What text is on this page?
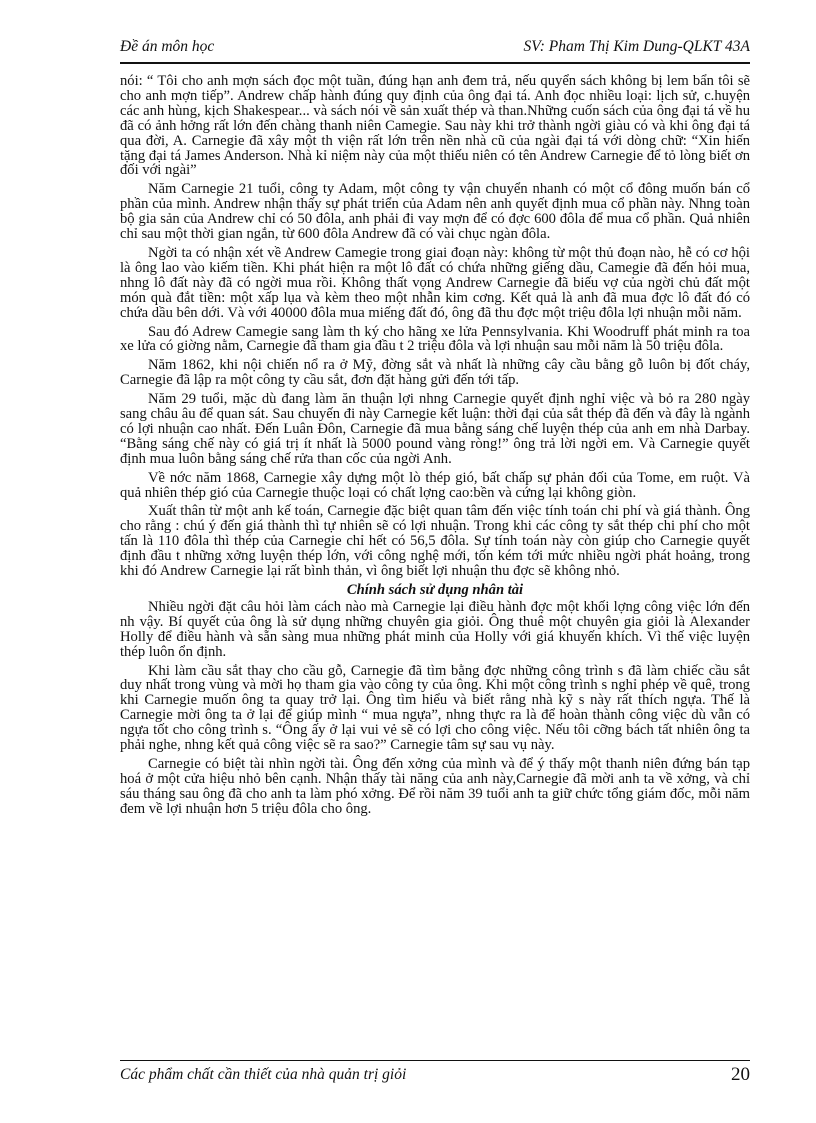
Đề án môn học	SV: Pham Thị Kim Dung-QLKT 43A

nói: “ Tôi cho anh mợn sách đọc một tuần, đúng hạn anh đem trả, nếu quyển sách không bị lem bẩn tôi sẽ cho anh mợn tiếp”. Andrew chấp hành đúng quy định của ông đại tá. Anh đọc nhiều loại: lịch sử, c.huyện các anh hùng, kịch Shakespear... và sách nói về sản xuất thép và than.Những cuốn sách của ông đại tá về hu đã có ảnh hởng rất lớn đến chàng thanh niên Camegie. Sau này khi trở thành ngời giàu có và khi ông đại tá qua đời, A. Carnegie đã xây một th viện rất lớn trên nền nhà cũ của ngài đại tá với dòng chữ: “Xin hiến tặng đại tá James Anderson. Nhà kỉ niệm này của một thiếu niên có tên Andrew Carnegie để tỏ lòng biết ơn đối với ngài”

Năm Carnegie 21 tuổi, công ty Adam, một công ty vận chuyển nhanh có một cổ đông muốn bán cổ phần của mình. Andrew nhận thấy sự phát triển của Adam nên anh quyết định mua cổ phần này. Nhng toàn bộ gia sản của Andrew chỉ có 50 đôla, anh phải đi vay mợn để có đợc 600 đôla để mua cổ phần. Quả nhiên chỉ sau một thời gian ngắn, từ 600 đôla Andrew đã có vài chục ngàn đôla.

Ngời ta có nhận xét về Andrew Camegie trong giai đoạn này: không từ một thủ đoạn nào, hễ có cơ hội là ông lao vào kiếm tiền. Khi phát hiện ra một lô đất có chứa những giếng dầu, Camegie đã đến hỏi mua, nhng lô đất này đã có ngời mua rồi. Không thất vọng Andrew Carnegie đã biếu vợ của ngời chủ đất một món quà đắt tiền: một xấp lụa và kèm theo một nhẫn kim cơng. Kết quả là anh đã mua đợc lô đất đó có chứa dầu bên dới. Và với 40000 đôla mua miếng đất đó, ông đã thu đợc một triệu đôla lợi nhuận mỗi năm.

Sau đó Adrew Camegie sang làm th ký cho hãng xe lửa Pennsylvania. Khi Woodruff phát minh ra toa xe lửa có giờng nằm, Carnegie đã tham gia đầu t 2 triệu đôla và lợi nhuận sau mỗi năm là 50 triệu đôla.

Năm 1862, khi nội chiến nổ ra ở Mỹ, đờng sắt và nhất là những cây cầu bằng gỗ luôn bị đốt cháy, Carnegie đã lập ra một công ty cầu sắt, đơn đặt hàng gửi đến tới tấp.

Năm 29 tuổi, mặc dù đang làm ăn thuận lợi nhng Carnegie quyết định nghỉ việc và bỏ ra 280 ngày sang châu âu để quan sát. Sau chuyến đi này Carnegie kết luận: thời đại của sắt thép đã đến và đây là ngành có lợi nhuận cao nhất. Đến Luân Đôn, Carnegie đã mua bằng sáng chế luyện thép của anh em nhà Darbay. “Bằng sáng chế này có giá trị ít nhất là 5000 pound vàng ròng!” ông trả lời ngời em. Và Carnegie quyết định mua luôn bằng sáng chế rửa than cốc của ngời Anh.

Về nớc năm 1868, Carnegie xây dựng một lò thép gió, bất chấp sự phản đối của Tome, em ruột. Và quả nhiên thép gió của Carnegie thuộc loại có chất lợng cao:bền và cứng lại không giòn.

Xuất thân từ một anh kế toán, Carnegie đặc biệt quan tâm đến việc tính toán chi phí và giá thành. Ông cho rằng : chú ý đến giá thành thì tự nhiên sẽ có lợi nhuận. Trong khi các công ty sắt thép chi phí cho một tấn là 110 đôla thì thép của Carnegie chỉ hết có 56,5 đôla. Sự tính toán này còn giúp cho Carnegie quyết định đầu t những xởng luyện thép lớn, với công nghệ mới, tốn kém tới mức nhiều ngời phát hoảng, trong khi đó Andrew Carnegie lại rất bình thản, vì ông biết lợi nhuận thu đợc sẽ không nhỏ.

Chính sách sử dụng nhân tài

Nhiều ngời đặt câu hỏi làm cách nào mà Carnegie lại điều hành đợc một khối lợng công việc lớn đến nh vậy. Bí quyết của ông là sử dụng những chuyên gia giỏi. Ông thuê một chuyên gia giỏi là Alexander Holly để điều hành và sẵn sàng mua những phát minh của Holly với giá khuyến khích. Vì thế việc luyện thép luôn ổn định.

Khi làm cầu sắt thay cho cầu gỗ, Carnegie đã tìm bằng đợc những công trình s đã làm chiếc cầu sắt duy nhất trong vùng và mời họ tham gia vào công ty của ông. Khi một công trình s nghỉ phép về quê, trong khi Carnegie muốn ông ta quay trở lại. Ông tìm hiểu và biết rằng nhà kỹ s này rất thích ngựa. Thế là Carnegie mời ông ta ở lại để giúp mình “ mua ngựa”, nhng thực ra là để hoàn thành công việc dù vẫn có ngựa tốt cho công trình s. “Ông ấy ở lại vui vẻ sẽ có lợi cho công việc. Nếu tôi cỡng bách tất nhiên ông ta phải nghe, nhng kết quả công việc sẽ ra sao?” Carnegie tâm sự sau vụ này.

Carnegie có biệt tài nhìn ngời tài. Ông đến xởng của mình và để ý thấy một thanh niên đứng bán tạp hoá ở một cửa hiệu nhỏ bên cạnh. Nhận thấy tài năng của anh này,Carnegie đã mời anh ta về xởng, và chỉ sáu tháng sau ông đã cho anh ta làm phó xởng. Để rồi năm 39 tuổi anh ta giữ chức tổng giám đốc, mỗi năm đem về lợi nhuận hơn 5 triệu đôla cho ông.

Các phẩm chất cần thiết của nhà quản trị giỏi	20
